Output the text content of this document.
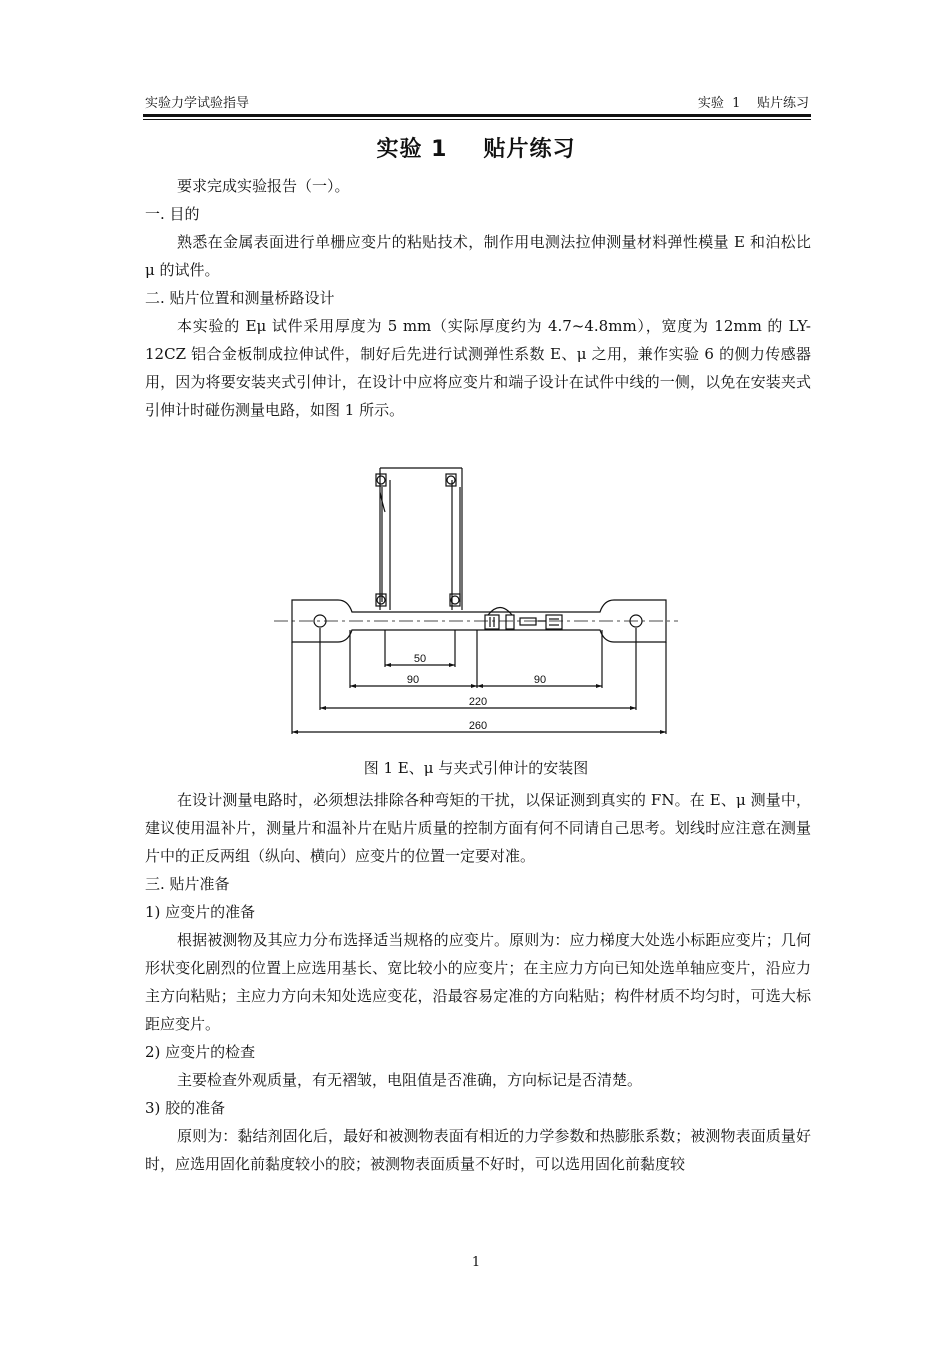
实验力学试验指导	实验  1    贴片练习
实验 1 贴片练习

要求完成实验报告（一）。

一. 目的

熟悉在金属表面进行单栅应变片的粘贴技术，制作用电测法拉伸测量材料弹性模量 E 和泊松比 μ 的试件。

二. 贴片位置和测量桥路设计

本实验的 Eμ 试件采用厚度为 5 mm（实际厚度约为 4.7~4.8mm），宽度为 12mm 的 LY-12CZ 铝合金板制成拉伸试件，制好后先进行试测弹性系数 E、μ 之用，兼作实验 6 的侧力传感器用，因为将要安装夹式引伸计，在设计中应将应变片和端子设计在试件中线的一侧，以免在安装夹式引伸计时碰伤测量电路，如图 1 所示。

50
90	90
220
260
图 1 E、μ 与夹式引伸计的安装图

在设计测量电路时，必须想法排除各种弯矩的干扰，以保证测到真实的 FN。在 E、μ 测量中，建议使用温补片，测量片和温补片在贴片质量的控制方面有何不同请自己思考。划线时应注意在测量片中的正反两组（纵向、横向）应变片的位置一定要对准。

三. 贴片准备

1) 应变片的准备

根据被测物及其应力分布选择适当规格的应变片。原则为：应力梯度大处选小标距应变片；几何形状变化剧烈的位置上应选用基长、宽比较小的应变片；在主应力方向已知处选单轴应变片，沿应力主方向粘贴；主应力方向未知处选应变花，沿最容易定准的方向粘贴；构件材质不均匀时，可选大标距应变片。

2) 应变片的检查

主要检查外观质量，有无褶皱，电阻值是否准确，方向标记是否清楚。

3) 胶的准备

原则为：黏结剂固化后，最好和被测物表面有相近的力学参数和热膨胀系数；被测物表面质量好时，应选用固化前黏度较小的胶；被测物表面质量不好时，可以选用固化前黏度较

1
